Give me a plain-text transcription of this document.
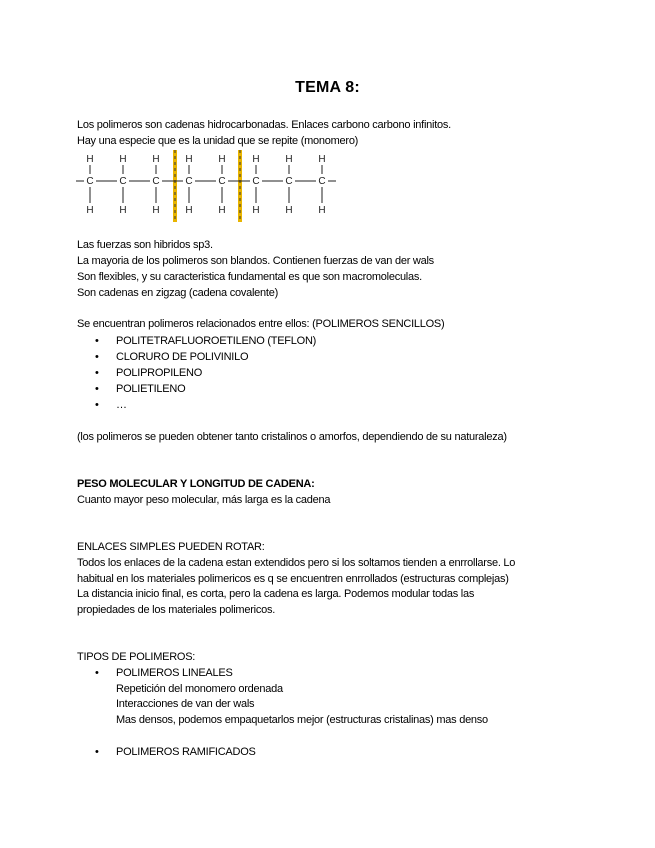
TEMA 8:
Los polimeros son cadenas hidrocarbonadas. Enlaces carbono carbono infinitos.
Hay una especie que es la unidad que se repite (monomero)
C
H
H
C
H
H
C
H
H
C
H
H
C
H
H
C
H
H
C
H
H
C
H
H
Las fuerzas son hibridos sp3.
La mayoria de los polimeros son blandos. Contienen fuerzas de van der wals
Son flexibles, y su caracteristica fundamental es que son macromoleculas.
Son cadenas en zigzag (cadena covalente)
Se encuentran polimeros relacionados entre ellos: (POLIMEROS SENCILLOS)
• POLITETRAFLUOROETILENO (TEFLON)
• CLORURO DE POLIVINILO
• POLIPROPILENO
• POLIETILENO
• …
(los polimeros se pueden obtener tanto cristalinos o amorfos, dependiendo de su naturaleza)
PESO MOLECULAR Y LONGITUD DE CADENA:
Cuanto mayor peso molecular, más larga es la cadena
ENLACES SIMPLES PUEDEN ROTAR:
Todos los enlaces de la cadena estan extendidos pero si los soltamos tienden a enrrollarse. Lo
habitual en los materiales polimericos es q se encuentren enrrollados (estructuras complejas)
La distancia inicio final, es corta, pero la cadena es larga. Podemos modular todas las
propiedades de los materiales polimericos.
TIPOS DE POLIMEROS:
• POLIMEROS LINEALES
Repetición del monomero ordenada
Interacciones de van der wals
Mas densos, podemos empaquetarlos mejor (estructuras cristalinas) mas denso
• POLIMEROS RAMIFICADOS
